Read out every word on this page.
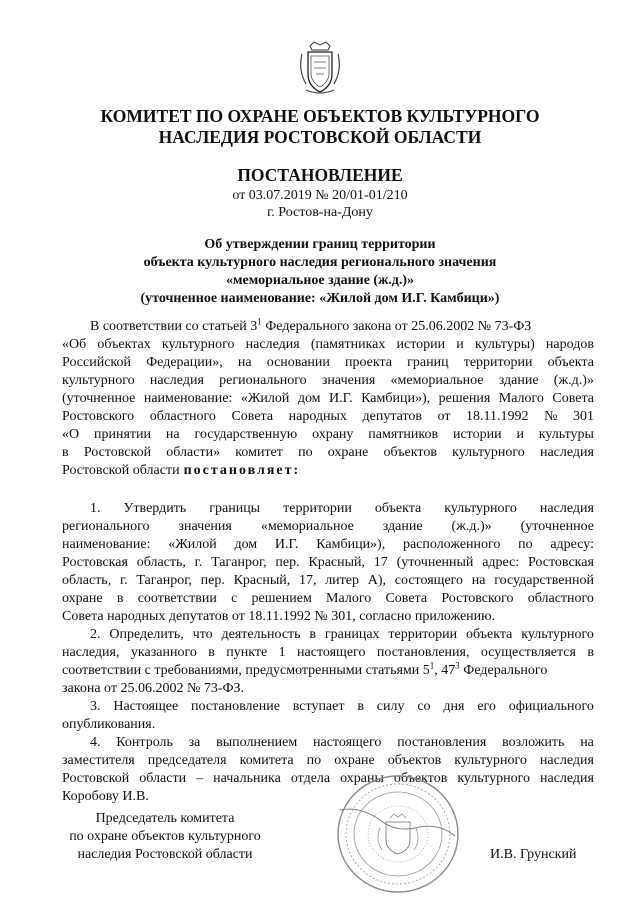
КОМИТЕТ ПО ОХРАНЕ ОБЪЕКТОВ КУЛЬТУРНОГО
НАСЛЕДИЯ РОСТОВСКОЙ ОБЛАСТИ
ПОСТАНОВЛЕНИЕ
от 03.07.2019 № 20/01-01/210
г. Ростов-на-Дону
Об утверждении границ территории
объекта культурного наследия регионального значения
«мемориальное здание (ж.д.)»
(уточненное наименование: «Жилой дом И.Г. Камбици»)
В соответствии со статьей $3^1$ Федерального закона от 25.06.2002 № 73-ФЗ
«Об объектах культурного наследия (памятниках истории и культуры) народов
Российской Федерации», на основании проекта границ территории объекта
культурного наследия регионального значения «мемориальное здание (ж.д.)»
(уточненное наименование: «Жилой дом И.Г. Камбици»), решения Малого Совета
Ростовского областного Совета народных депутатов от 18.11.1992 № 301
«О принятии на государственную охрану памятников истории и культуры
в Ростовской области» комитет по охране объектов культурного наследия
Ростовской области постановляет:
1. Утвердить границы территории объекта культурного наследия
регионального значения «мемориальное здание (ж.д.)» (уточненное
наименование: «Жилой дом И.Г. Камбици»), расположенного по адресу:
Ростовская область, г. Таганрог, пер. Красный, 17 (уточненный адрес: Ростовская
область, г. Таганрог, пер. Красный, 17, литер А), состоящего на государственной
охране в соответствии с решением Малого Совета Ростовского областного
Совета народных депутатов от 18.11.1992 № 301, согласно приложению.
2. Определить, что деятельность в границах территории объекта культурного
наследия, указанного в пункте 1 настоящего постановления, осуществляется в
соответствии с требованиями, предусмотренными статьями $5^1$, $47^3$ Федерального
закона от 25.06.2002 № 73-ФЗ.
3. Настоящее постановление вступает в силу со дня его официального
опубликования.
4. Контроль за выполнением настоящего постановления возложить на
заместителя председателя комитета по охране объектов культурного наследия
Ростовской области – начальника отдела охраны объектов культурного наследия
Коробову И.В.
Председатель комитета
по охране объектов культурного
наследия Ростовской области	И.В. Грунский
